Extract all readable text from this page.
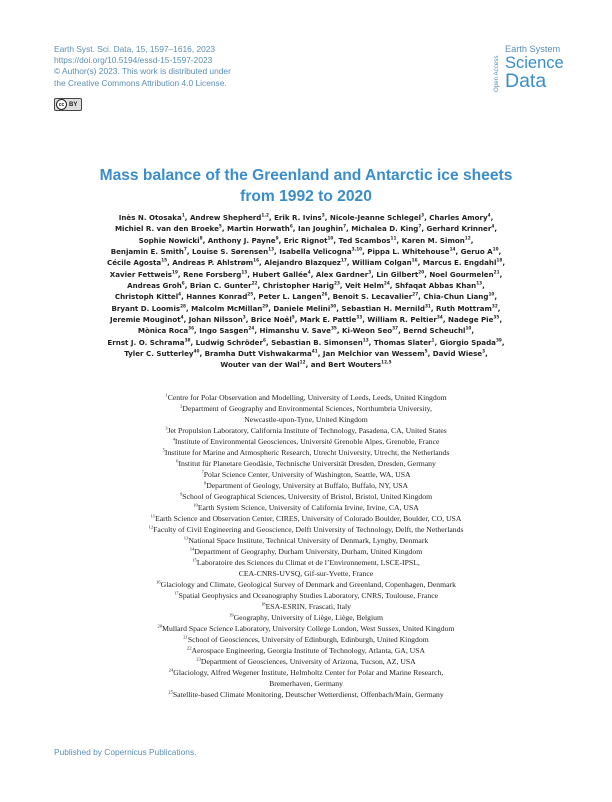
Earth Syst. Sci. Data, 15, 1597–1616, 2023
https://doi.org/10.5194/essd-15-1597-2023
© Author(s) 2023. This work is distributed under
the Creative Commons Attribution 4.0 License.
cc BY
Open Access
Earth System
Science
Data
Mass balance of the Greenland and Antarctic ice sheets
from 1992 to 2020
Inès N. Otosaka$^1$, Andrew Shepherd$^{1,2}$, Erik R. Ivins$^3$, Nicole-Jeanne Schlegel$^3$, Charles Amory$^4$,
Michiel R. van den Broeke$^5$, Martin Horwath$^6$, Ian Joughin$^7$, Michalea D. King$^7$, Gerhard Krinner$^4$,
Sophie Nowicki$^8$, Anthony J. Payne$^9$, Eric Rignot$^{10}$, Ted Scambos$^{11}$, Karen M. Simon$^{12}$,
Benjamin E. Smith$^7$, Louise S. Sørensen$^{13}$, Isabella Velicogna$^{3,10}$, Pippa L. Whitehouse$^{14}$, Geruo $A^{10}$,
Cécile Agosta$^{15}$, Andreas P. Ahlstrøm$^{16}$, Alejandro Blazquez$^{17}$, William Colgan$^{16}$, Marcus E. Engdahl$^{18}$,
Xavier Fettweis$^{19}$, Rene Forsberg$^{13}$, Hubert Gallée$^4$, Alex Gardner$^3$, Lin Gilbert$^{20}$, Noel Gourmelen$^{21}$,
Andreas Groh$^6$, Brian C. Gunter$^{22}$, Christopher Harig$^{23}$, Veit Helm$^{24}$, Shfaqat Abbas Khan$^{13}$,
Christoph Kittel$^4$, Hannes Konrad$^{25}$, Peter L. Langen$^{26}$, Benoit S. Lecavalier$^{27}$, Chia-Chun Liang$^{10}$,
Bryant D. Loomis$^{28}$, Malcolm McMillan$^{29}$, Daniele Melini$^{30}$, Sebastian H. Mernild$^{31}$, Ruth Mottram$^{32}$,
Jeremie Mouginot$^4$, Johan Nilsson$^3$, Brice Noël$^5$, Mark E. Pattle$^{33}$, William R. Peltier$^{34}$, Nadege Pie$^{35}$,
Mònica Roca$^{36}$, Ingo Sasgen$^{24}$, Himanshu V. Save$^{35}$, Ki-Weon Seo$^{37}$, Bernd Scheuchl$^{10}$,
Ernst J. O. Schrama$^{38}$, Ludwig Schröder$^6$, Sebastian B. Simonsen$^{13}$, Thomas Slater$^1$, Giorgio Spada$^{39}$,
Tyler C. Sutterley$^{40}$, Bramha Dutt Vishwakarma$^{41}$, Jan Melchior van Wessem$^5$, David Wiese$^3$,
Wouter van der Wal$^{12}$, and Bert Wouters$^{12,5}$
$^1$Centre for Polar Observation and Modelling, University of Leeds, Leeds, United Kingdom
$^2$Department of Geography and Environmental Sciences, Northumbria University,
Newcastle-upon-Tyne, United Kingdom
$^3$Jet Propulsion Laboratory, California Institute of Technology, Pasadena, CA, United States
$^4$Institute of Environmental Geosciences, Université Grenoble Alpes, Grenoble, France
$^5$Institute for Marine and Atmospheric Research, Utrecht University, Utrecht, the Netherlands
$^6$Institut für Planetare Geodäsie, Technische Universität Dresden, Dresden, Germany
$^7$Polar Science Center, University of Washington, Seattle, WA, USA
$^8$Department of Geology, University at Buffalo, Buffalo, NY, USA
$^9$School of Geographical Sciences, University of Bristol, Bristol, United Kingdom
$^{10}$Earth System Science, University of California Irvine, Irvine, CA, USA
$^{11}$Earth Science and Observation Center, CIRES, University of Colorado Boulder, Boulder, CO, USA
$^{12}$Faculty of Civil Engineering and Geoscience, Delft University of Technology, Delft, the Netherlands
$^{13}$National Space Institute, Technical University of Denmark, Lyngby, Denmark
$^{14}$Department of Geography, Durham University, Durham, United Kingdom
$^{15}$Laboratoire des Sciences du Climat et de l’Environnement, LSCE-IPSL,
CEA-CNRS-UVSQ, Gif-sur-Yvette, France
$^{16}$Glaciology and Climate, Geological Survey of Denmark and Greenland, Copenhagen, Denmark
$^{17}$Spatial Geophysics and Oceanography Studies Laboratory, CNRS, Toulouse, France
$^{18}$ESA-ESRIN, Frascati, Italy
$^{19}$Geography, University of Liège, Liège, Belgium
$^{20}$Mullard Space Science Laboratory, University College London, West Sussex, United Kingdom
$^{21}$School of Geosciences, University of Edinburgh, Edinburgh, United Kingdom
$^{22}$Aerospace Engineering, Georgia Institute of Technology, Atlanta, GA, USA
$^{23}$Department of Geosciences, University of Arizona, Tucson, AZ, USA
$^{24}$Glaciology, Alfred Wegener Institute, Helmholtz Center for Polar and Marine Research,
Bremerhaven, Germany
$^{25}$Satellite-based Climate Monitoring, Deutscher Wetterdienst, Offenbach/Main, Germany
Published by Copernicus Publications.
